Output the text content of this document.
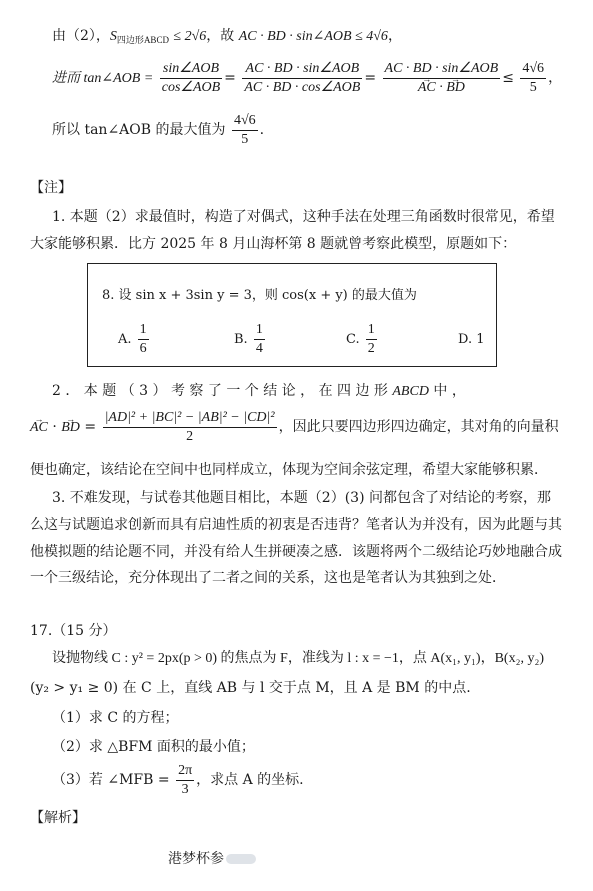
由（2），$S_{四边形ABCD} \le 2√6$，故 AC · BD · sin∠AOB ≤ 4√6，
进而 tan∠AOB = $\frac{\text{sin∠AOB}}{\text{cos∠AOB}} = \frac{\text{AC · BD · sin∠AOB}}{\text{AC · BD · cos∠AOB}}$ = AC · BD · sin∠AOB
→ AC · → BD ≤ $\frac{4√6}{5}$ ，
所以 tan∠AOB 的最大值为 $\frac{4√6}{5}$ .
【注】
1. 本题（2）求最值时，构造了对偶式，这种手法在处理三角函数时很常见，希望
大家能够积累．比方 2025 年 8 月山海杯第 8 题就曾考察此模型，原题如下：
8. 设 sin x + 3sin y = 3，则 cos(x + y) 的最大值为
A. $\frac{1}{6}$	B. $\frac{1}{4}$	C. $\frac{1}{2}$	D. 1
2 ． 本 题 （ 3 ） 考 察 了 一 个 结 论 ， 在 四 边 形 ABCD 中 ，
→ AC · → BD = $\frac{\text{|AD|² + |BC|² − |AB|² − |CD|²}}{2}$ ，因此只要四边形四边确定，其对角的向量积
便也确定，该结论在空间中也同样成立，体现为空间余弦定理，希望大家能够积累．
3. 不难发现，与试卷其他题目相比，本题（2）(3) 问都包含了对结论的考察，那
么这与试题追求创新而具有启迪性质的初衷是否违背？笔者认为并没有，因为此题与其
他模拟题的结论题不同，并没有给人生拼硬凑之感．该题将两个二级结论巧妙地融合成
一个三级结论，充分体现出了二者之间的关系，这也是笔者认为其独到之处．
17.（15 分）
设抛物线 C : y² = 2px(p > 0) 的焦点为 F，准线为 l : x = −1，点 A(x₁, y₁)，B(x₂, y₂)
(y₂ > y₁ ≥ 0) 在 C 上，直线 AB 与 l 交于点 M，且 A 是 BM 的中点.
（1）求 C 的方程；
（2）求 △BFM 面积的最小值；
（3）若 ∠MFB = $\frac{2\pi}{3}$ ，求点 A 的坐标.
【解析】
港梦杯参
